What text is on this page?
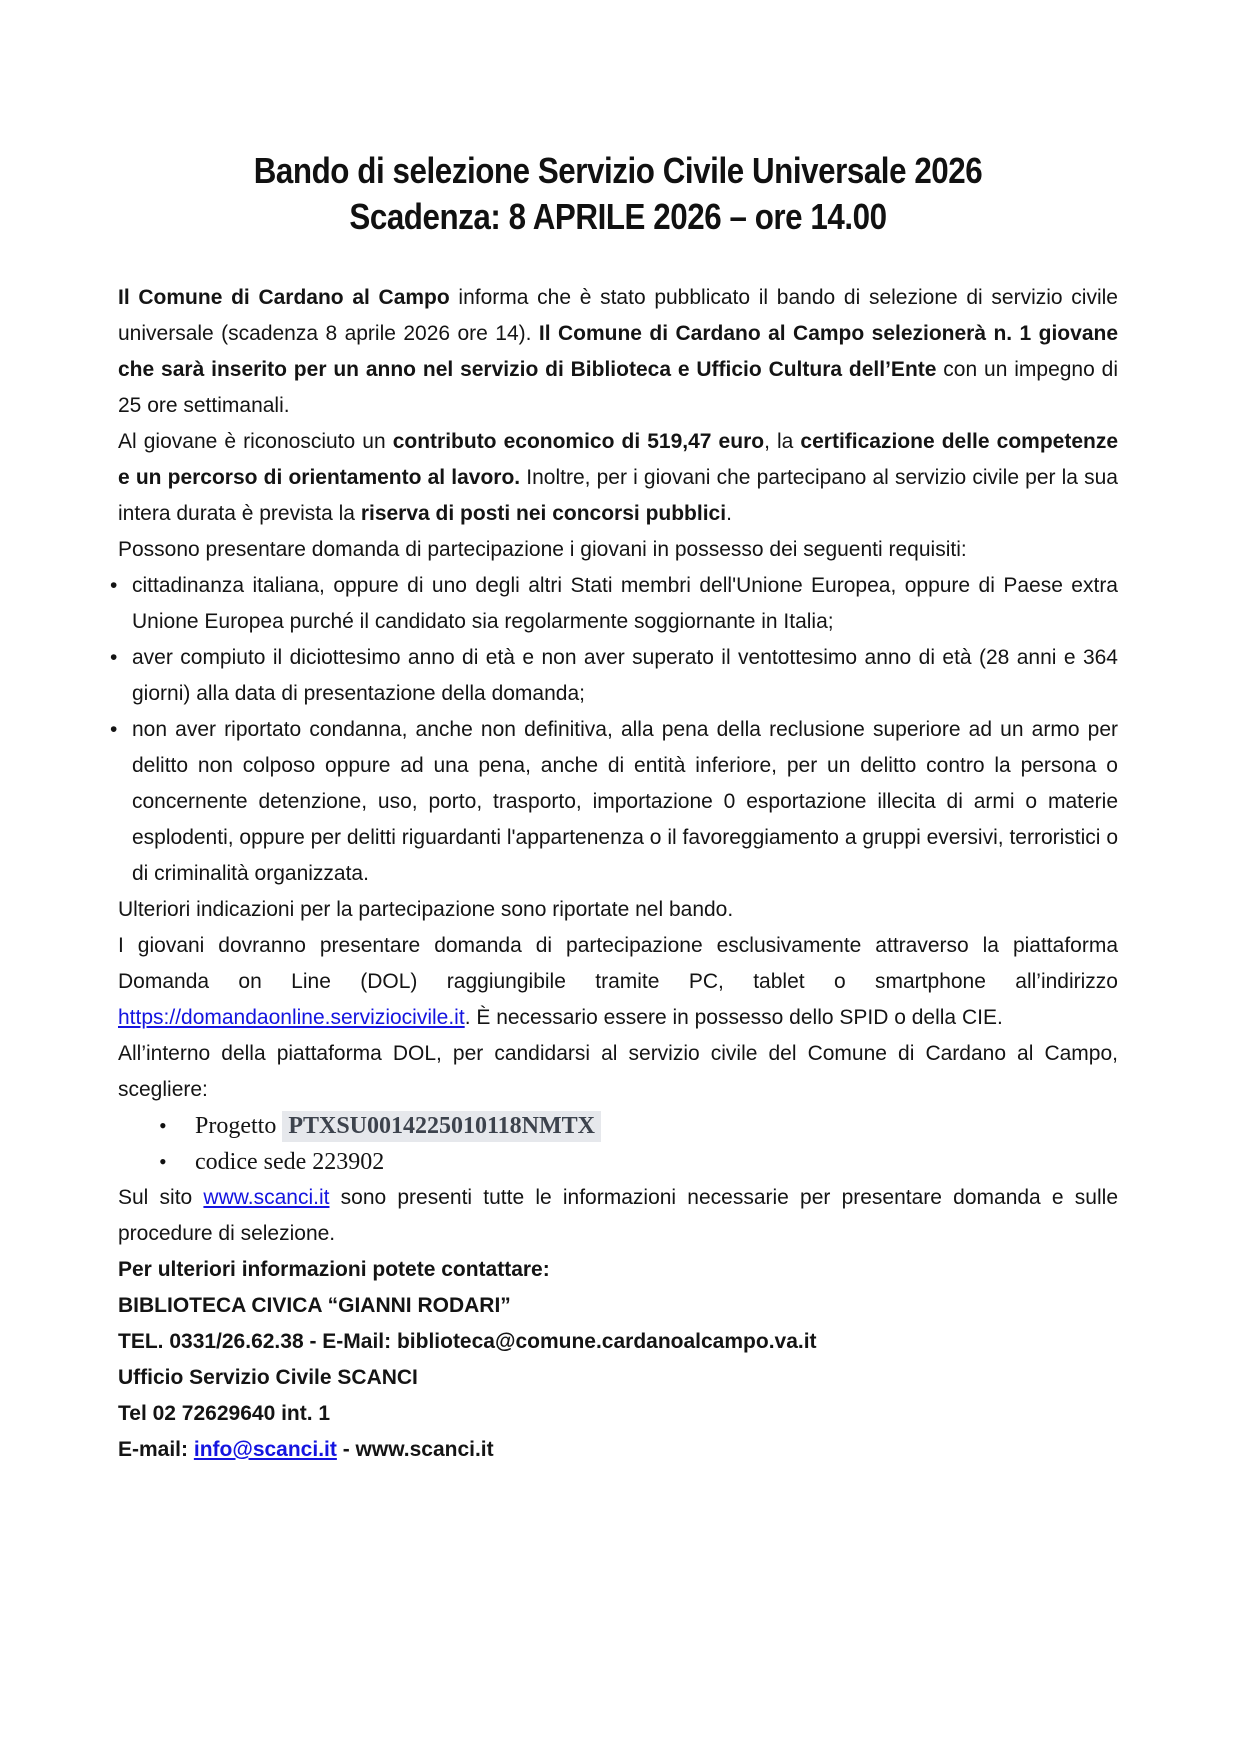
Bando di selezione Servizio Civile Universale 2026
Scadenza: 8 APRILE 2026 – ore 14.00

Il Comune di Cardano al Campo informa che è stato pubblicato il bando di selezione di servizio civile universale (scadenza 8 aprile 2026 ore 14). Il Comune di Cardano al Campo selezionerà n. 1 giovane che sarà inserito per un anno nel servizio di Biblioteca e Ufficio Cultura dell’Ente con un impegno di 25 ore settimanali.

Al giovane è riconosciuto un contributo economico di 519,47 euro, la certificazione delle competenze e un percorso di orientamento al lavoro. Inoltre, per i giovani che partecipano al servizio civile per la sua intera durata è prevista la riserva di posti nei concorsi pubblici.

Possono presentare domanda di partecipazione i giovani in possesso dei seguenti requisiti:

• cittadinanza italiana, oppure di uno degli altri Stati membri dell'Unione Europea, oppure di Paese extra Unione Europea purché il candidato sia regolarmente soggiornante in Italia;
• aver compiuto il diciottesimo anno di età e non aver superato il ventottesimo anno di età (28 anni e 364 giorni) alla data di presentazione della domanda;
• non aver riportato condanna, anche non definitiva, alla pena della reclusione superiore ad un armo per delitto non colposo oppure ad una pena, anche di entità inferiore, per un delitto contro la persona o concernente detenzione, uso, porto, trasporto, importazione 0 esportazione illecita di armi o materie esplodenti, oppure per delitti riguardanti l'appartenenza o il favoreggiamento a gruppi eversivi, terroristici o di criminalità organizzata.

Ulteriori indicazioni per la partecipazione sono riportate nel bando.

I giovani dovranno presentare domanda di partecipazione esclusivamente attraverso la piattaforma Domanda on Line (DOL) raggiungibile tramite PC, tablet o smartphone all’indirizzo https://domandaonline.serviziocivile.it. È necessario essere in possesso dello SPID o della CIE.

All’interno della piattaforma DOL, per candidarsi al servizio civile del Comune di Cardano al Campo, scegliere:

• Progetto PTXSU0014225010118NMTX
• codice sede 223902

Sul sito www.scanci.it sono presenti tutte le informazioni necessarie per presentare domanda e sulle procedure di selezione.

Per ulteriori informazioni potete contattare:
BIBLIOTECA CIVICA “GIANNI RODARI”
TEL. 0331/26.62.38 - E-Mail: biblioteca@comune.cardanoalcampo.va.it

Ufficio Servizio Civile SCANCI
Tel 02 72629640 int. 1
E-mail: info@scanci.it - www.scanci.it
